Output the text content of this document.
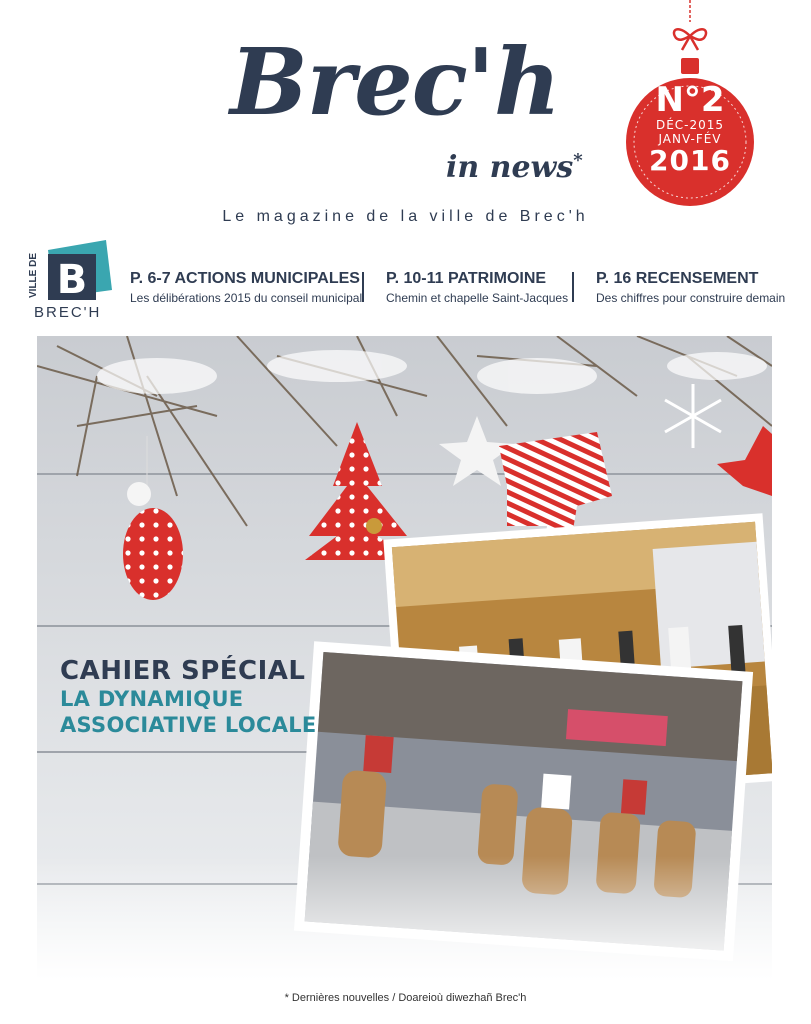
Brec'h
in news*
Le magazine de la ville de Brec'h
N°2
DÉC-2015
JANV-FÉV
2016
B
VILLE DE
BREC'H
P. 6-7 ACTIONS MUNICIPALES
Les délibérations 2015 du conseil municipal
P. 10-11 PATRIMOINE
Chemin et chapelle Saint-Jacques
P. 16 RECENSEMENT
Des chiffres pour construire demain
CAHIER SPÉCIAL
LA DYNAMIQUE
ASSOCIATIVE LOCALE
* Dernières nouvelles / Doareioù diwezhañ Brec'h
